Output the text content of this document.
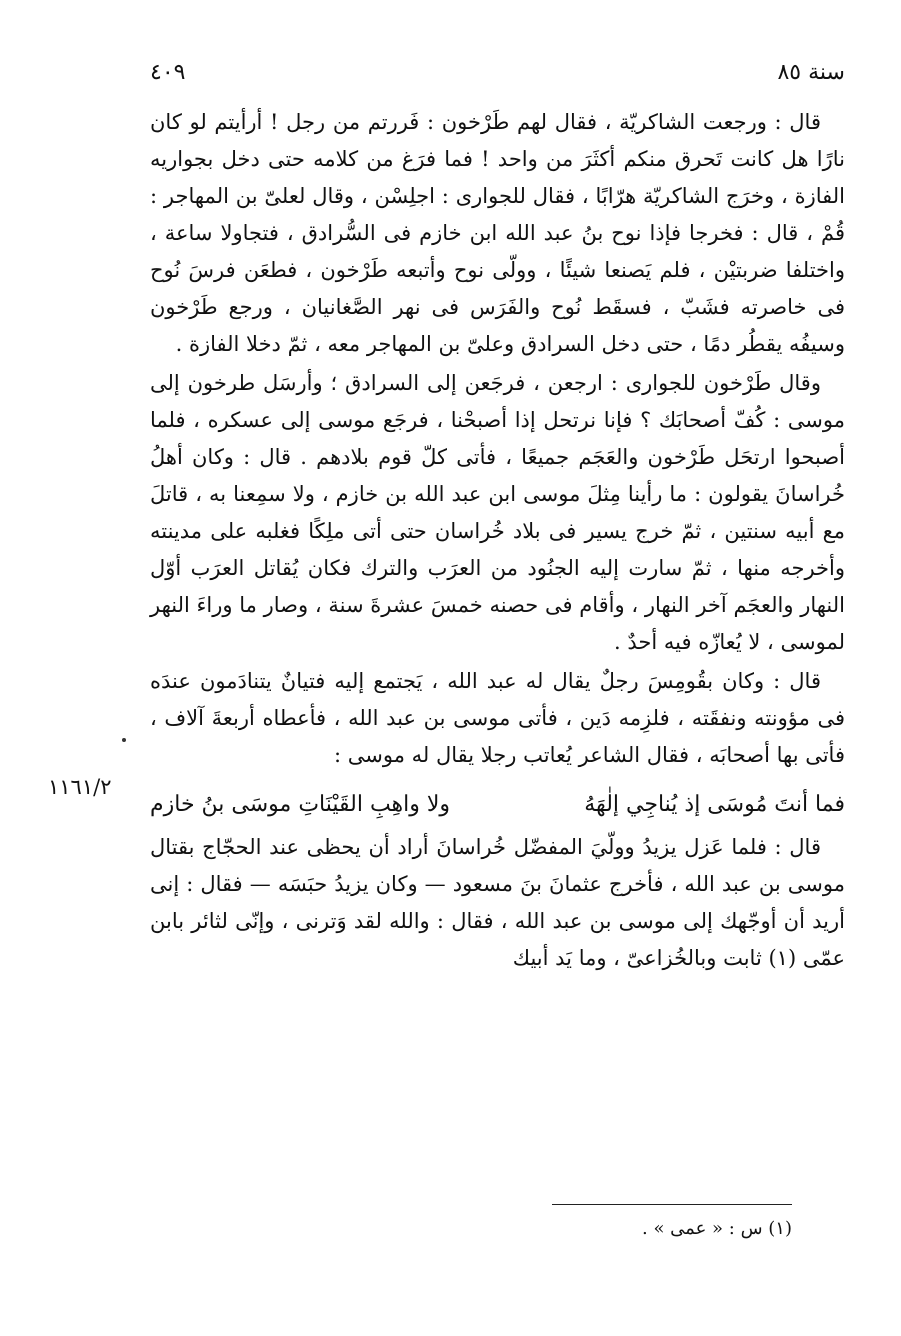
سنة ٨٥
٤٠٩

قال : ورجعت الشاكريّة ، فقال لهم طَرْخون : فَررتم من رجل ! أرأيتم لو كان نارًا هل كانت تَحرق منكم أكثَرَ من واحد ! فما فرَغ من كلامه حتى دخل بجواريه الفازة ، وخرَج الشاكريّة هرّابًا ، فقال للجوارى : اجلِسْن ، وقال لعلىّ بن المهاجر : قُمْ ، قال : فخرجا فإذا نوح بنُ عبد الله ابن خازم فى السُّرادق ، فتجاولا ساعة ، واختلفا ضربتيْن ، فلم يَصنعا شيئًا ، وولّى نوح وأتبعه طَرْخون ، فطعَن فرسَ نُوح فى خاصرته فشَبّ ، فسقَط نُوح والفَرَس فى نهر الصَّغانيان ، ورجع طَرْخون وسيفُه يقطُر دمًا ، حتى دخل السرادق وعلىّ بن المهاجر معه ، ثمّ دخلا الفازة .

وقال طَرْخون للجوارى : ارجعن ، فرجَعن إلى السرادق ؛ وأرسَل طرخون إلى موسى : كُفّ أصحابَك ؟ فإنا نرتحل إذا أصبحْنا ، فرجَع موسى إلى عسكره ، فلما أصبحوا ارتحَل طَرْخون والعَجَم جميعًا ، فأتى كلّ قوم بلادهم . قال : وكان أهلُ خُراسانَ يقولون : ما رأينا مِثلَ موسى ابن عبد الله بن خازم ، ولا سمِعنا به ، قاتلَ مع أبيه سنتين ، ثمّ خرج يسير فى بلاد خُراسان حتى أتى ملِكًا فغلبه على مدينته وأخرجه منها ، ثمّ سارت إليه الجنُود من العرَب والترك فكان يُقاتل العرَب أوّل النهار والعجَم آخر النهار ، وأقام فى حصنه خمسَ عشرةَ سنة ، وصار ما وراءَ النهر لموسى ، لا يُعازّه فيه أحدٌ .

قال : وكان بقُومِسَ رجلٌ يقال له عبد الله ، يَجتمع إليه فتيانٌ يتنادَمون عندَه فى مؤونته ونفقَته ، فلزِمه دَين ، فأتى موسى بن عبد الله ، فأعطاه أربعةَ آلاف ، فأتى بها أصحابَه ، فقال الشاعر يُعاتب رجلا يقال له موسى :

فما أنتَ مُوسَى إذ يُناجِي إلٰهَهُ
ولا واهِبِ القَيْنَاتِ موسَى بنُ خازم

قال : فلما عَزل يزيدُ وولّيَ المفضّل خُراسانَ أراد أن يحظى عند الحجّاج بقتال موسى بن عبد الله ، فأخرج عثمانَ بنَ مسعود — وكان يزيدُ حبَسَه — فقال : إنى أريد أن أوجّهك إلى موسى بن عبد الله ، فقال : والله لقد وَترنى ، وإنّى لثائر بابن عمّى (١) ثابت وبالخُزاعىّ ، وما يَد أبيك

١١٦١/٢
(١) س : « عمى » .
